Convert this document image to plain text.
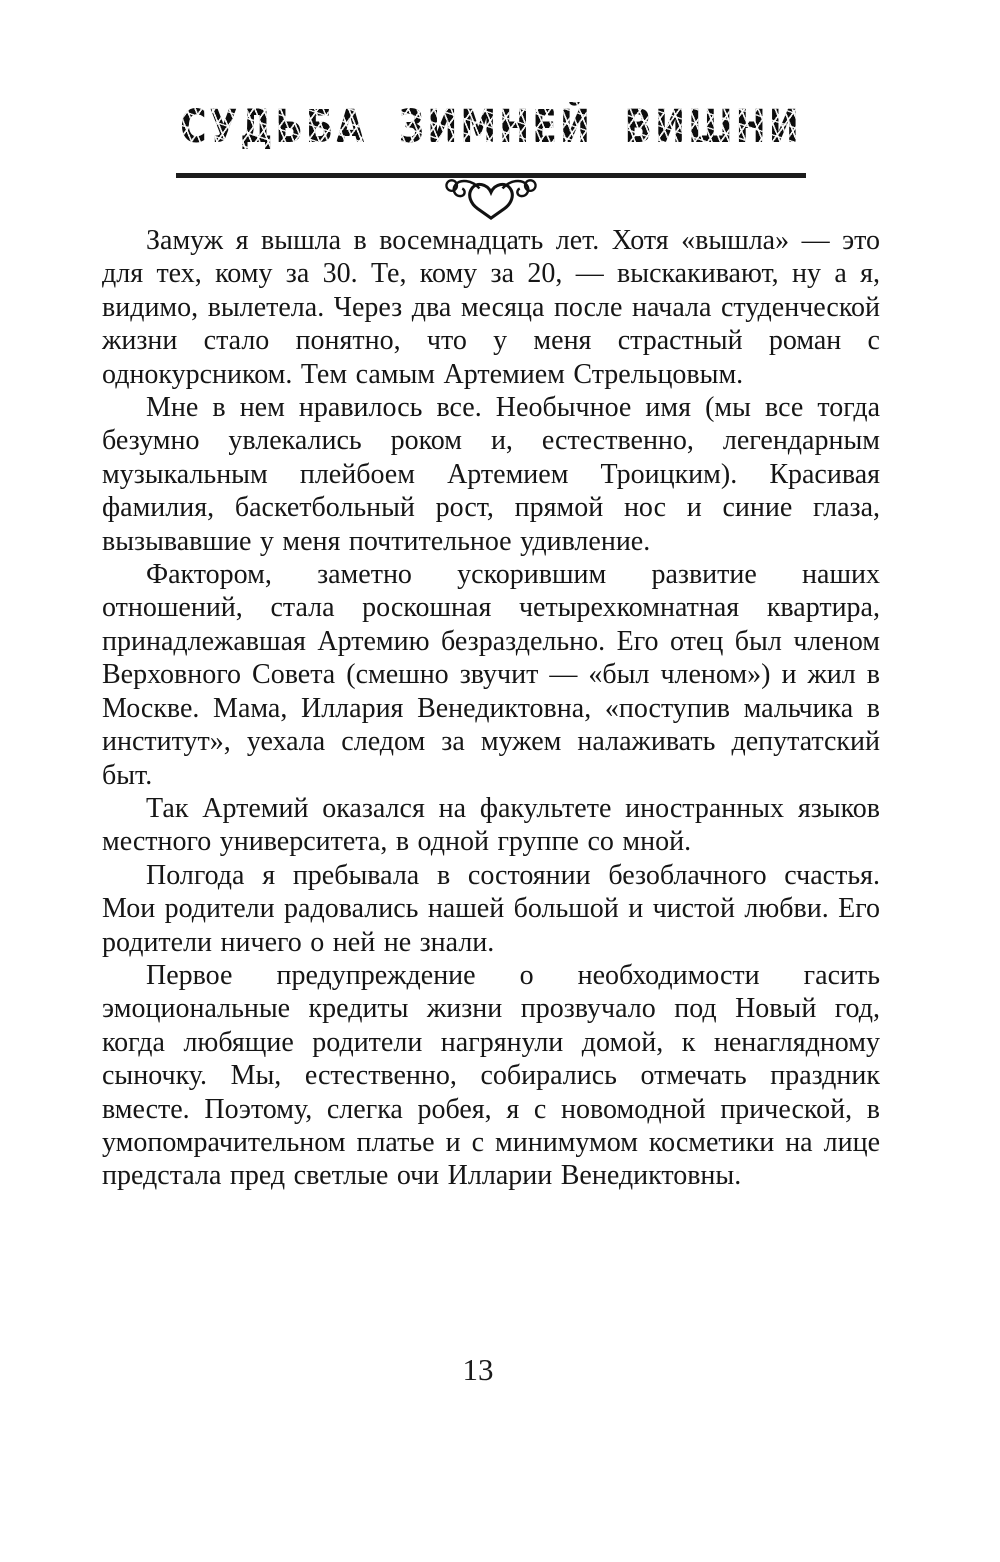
СУДЬБА ЗИМНЕЙ ВИШНИ

Замуж я вышла в восемнадцать лет. Хотя «вышла» — это для тех, кому за 30. Те, кому за 20, — выскакивают, ну а я, видимо, вылетела. Через два месяца после начала студенческой жизни стало понятно, что у меня страстный роман с однокурсником. Тем самым Артемием Стрельцовым.

Мне в нем нравилось все. Необычное имя (мы все тогда безумно увлекались роком и, естественно, легендарным музыкальным плейбоем Артемием Троицким). Красивая фамилия, баскетбольный рост, прямой нос и синие глаза, вызывавшие у меня почтительное удивление.

Фактором, заметно ускорившим развитие наших отношений, стала роскошная четырехкомнатная квартира, принадлежавшая Артемию безраздельно. Его отец был членом Верховного Совета (смешно звучит — «был членом») и жил в Москве. Мама, Иллария Венедиктовна, «поступив мальчика в институт», уехала следом за мужем налаживать депутатский быт.

Так Артемий оказался на факультете иностранных языков местного университета, в одной группе со мной.

Полгода я пребывала в состоянии безоблачного счастья. Мои родители радовались нашей большой и чистой любви. Его родители ничего о ней не знали.

Первое предупреждение о необходимости гасить эмоциональные кредиты жизни прозвучало под Новый год, когда любящие родители нагрянули домой, к ненаглядному сыночку. Мы, естественно, собирались отмечать праздник вместе. Поэтому, слегка робея, я с новомодной прической, в умопомрачительном платье и с минимумом косметики на лице предстала пред светлые очи Илларии Венедиктовны.

13
